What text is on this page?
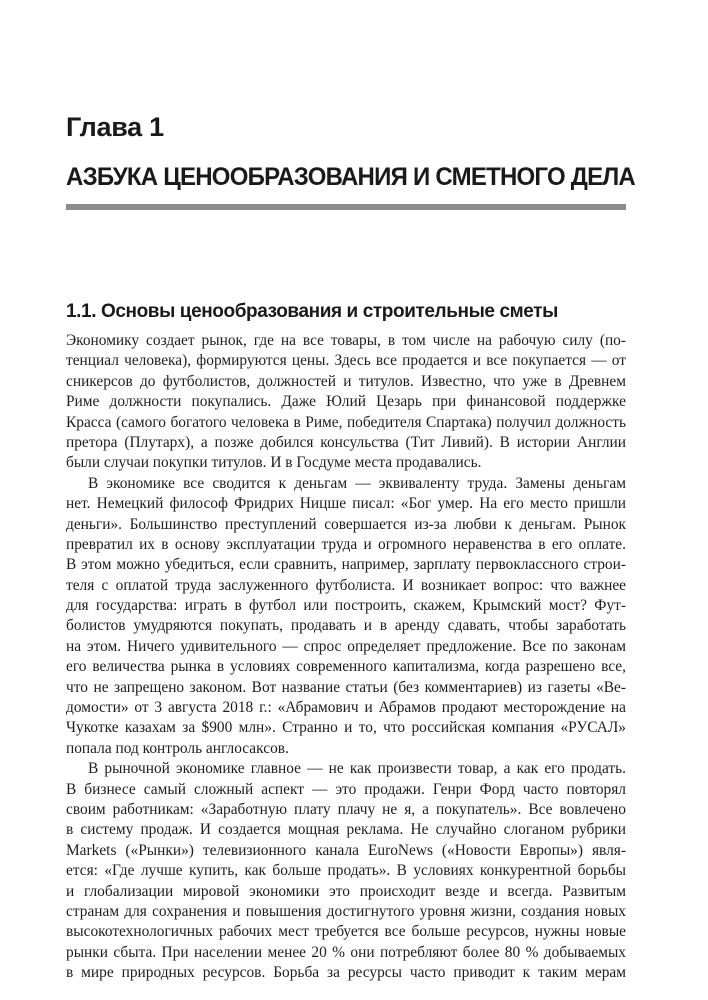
Глава 1
АЗБУКА ЦЕНООБРАЗОВАНИЯ И СМЕТНОГО ДЕЛА
1.1. Основы ценообразования и строительные сметы
Экономику создает рынок, где на все товары, в том числе на рабочую силу (по-
тенциал человека), формируются цены. Здесь все продается и все покупается — от
сникерсов до футболистов, должностей и титулов. Известно, что уже в Древнем
Риме должности покупались. Даже Юлий Цезарь при финансовой поддержке
Красса (самого богатого человека в Риме, победителя Спартака) получил должность
претора (Плутарх), а позже добился консульства (Тит Ливий). В истории Англии
были случаи покупки титулов. И в Госдуме места продавались.
В экономике все сводится к деньгам — эквиваленту труда. Замены деньгам
нет. Немецкий философ Фридрих Ницше писал: «Бог умер. На его место пришли
деньги». Большинство преступлений совершается из-за любви к деньгам. Рынок
превратил их в основу эксплуатации труда и огромного неравенства в его оплате.
В этом можно убедиться, если сравнить, например, зарплату первоклассного строи-
теля с оплатой труда заслуженного футболиста. И возникает вопрос: что важнее
для государства: играть в футбол или построить, скажем, Крымский мост? Фут-
болистов умудряются покупать, продавать и в аренду сдавать, чтобы заработать
на этом. Ничего удивительного — спрос определяет предложение. Все по законам
его величества рынка в условиях современного капитализма, когда разрешено все,
что не запрещено законом. Вот название статьи (без комментариев) из газеты «Ве-
домости» от 3 августа 2018 г.: «Абрамович и Абрамов продают месторождение на
Чукотке казахам за $900 млн». Странно и то, что российская компания «РУСАЛ»
попала под контроль англосаксов.
В рыночной экономике главное — не как произвести товар, а как его продать.
В бизнесе самый сложный аспект — это продажи. Генри Форд часто повторял
своим работникам: «Заработную плату плачу не я, а покупатель». Все вовлечено
в систему продаж. И создается мощная реклама. Не случайно слоганом рубрики
Markets («Рынки») телевизионного канала EuroNews («Новости Европы») явля-
ется: «Где лучше купить, как больше продать». В условиях конкурентной борьбы
и глобализации мировой экономики это происходит везде и всегда. Развитым
странам для сохранения и повышения достигнутого уровня жизни, создания новых
высокотехнологичных рабочих мест требуется все больше ресурсов, нужны новые
рынки сбыта. При населении менее 20 % они потребляют более 80 % добываемых
в мире природных ресурсов. Борьба за ресурсы часто приводит к таким мерам
